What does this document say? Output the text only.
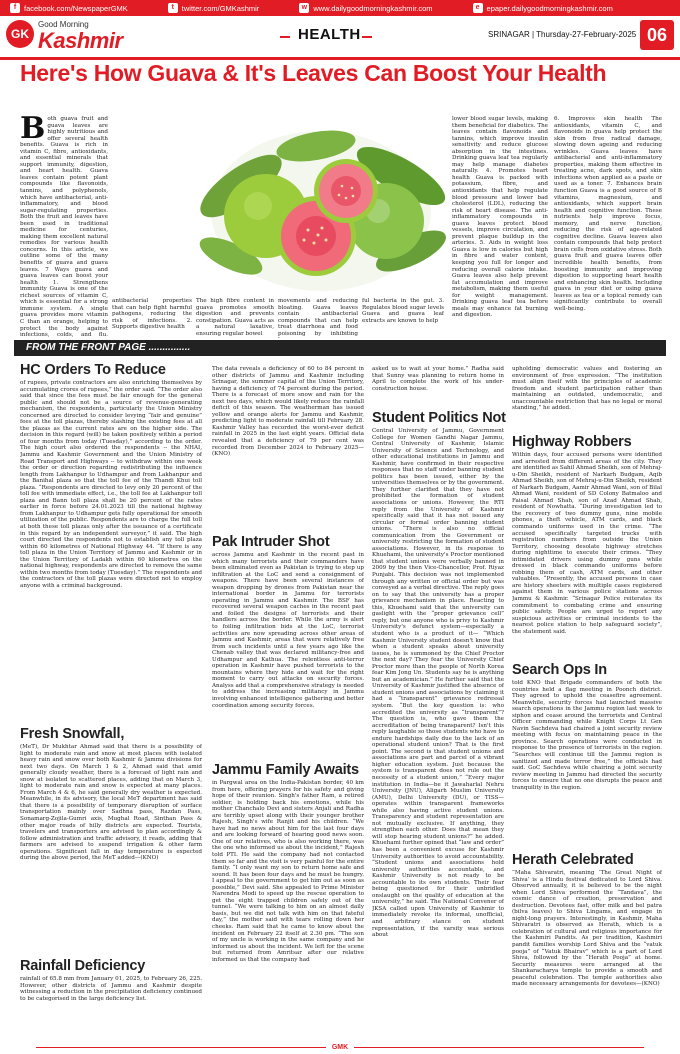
f	facebook.com/NewspaperGMK	t	twitter.com/GMKashmir	w www.dailygoodmorningkashmir.com	e epaper.dailygoodmorningkashmir.com
GK
Good Morning
Kashmir	HEALTH	SRINAGAR | Thursday-27-February-2025 06
Here's How Guava & It's Leaves Can Boost Your Health
Both guava fruit and guava leaves are highly nutritious and offer several health benefits. Guava is rich in vitamin C, fibre, antioxidants, and essential minerals that support immunity, digestion, and heart health. Guava leaves contain potent plant compounds like flavonoids, tannins, and polyphenols, which have antibacterial, anti-inflammatory, and blood sugar-regulating properties. Both the fruit and leaves have been used in traditional medicine for centuries, making them excellent natural remedies for various health concerns. In this article, we outline some of the many benefits of guava and guava leaves. 7 Ways guava and guava leaves can boost your health 1. Strengthens immunity Guava is one of the richest sources of vitamin C, which is essential for a strong immune system. A single guava provides more vitamin C than an orange, helping to protect the body against infections, colds, and flu.
antibacterial properties that can help fight harmful pathogens, reducing the risk of infections. 2. Supports digestive health
The high fibre content in guava promotes smooth digestion and prevents constipation. Guava acts as a natural laxative, ensuring regular bowel
movements and reducing bloating. Guava leaves contain antibacterial compounds that can help treat diarrhoea and food poisoning by inhibiting
ful bacteria in the gut. 3. Regulates blood sugar levels Guava and guava leaf extracts are known to help
lower blood sugar levels, making them beneficial for diabetics. The leaves contain flavonoids and tannins, which improve insulin sensitivity and reduce glucose absorption in the intestines. Drinking guava leaf tea regularly may help manage diabetes naturally. 4. Promotes heart health Guava is packed with potassium, fibre, and antioxidants that help regulate blood pressure and lower bad cholesterol (LDL), reducing the risk of heart disease. The anti-inflammatory compounds in guava leaves protect blood vessels, improve circulation, and prevent plaque buildup in the arteries. 5. Aids in weight loss Guava is low in calories but high in fibre and water content, keeping you full for longer and reducing overall calorie intake. Guava leaves also help prevent fat accumulation and improve metabolism, making them useful for weight management. Drinking guava leaf tea before meals may enhance fat burning and digestion.
6. Improves skin health The antioxidants, vitamin C, and flavonoids in guava help protect the skin from free radical damage, slowing down ageing and reducing wrinkles. Guava leaves have antibacterial and anti-inflammatory properties, making them effective in treating acne, dark spots, and skin infections when applied as a paste or used as a toner. 7. Enhances brain function Guava is a good source of B vitamins, magnesium, and antioxidants, which support brain health and cognitive function. These nutrients help improve focus, memory, and nerve function, reducing the risk of age-related cognitive decline. Guava leaves also contain compounds that help protect brain cells from oxidative stress. Both guava fruit and guava leaves offer incredible health benefits, from boosting immunity and improving digestion to supporting heart health and enhancing skin health. Including guava in your diet or using guava leaves as tea or a topical remedy can significantly contribute to overall well-being.
FROM THE FRONT PAGE ...............
HC Orders To Reduce
of rupees, private contractors are also enriching themselves by accumulating crores of rupees,” the order said. “The order also said that since the fees must be fair enough for the general public and should not be a source of revenue-generating mechanism, the respondents, particularly the Union Ministry concerned are directed to consider levying “fair and genuine” fees at the toll plazas, thereby slashing the existing fees at all the plazas as the current rates are on the higher side. The decision in this regard (will) be taken positively within a period of four months from today (Tuesday),” according to the order. The high court also ordered the respondents -- the NHAI, Jammu and Kashmir Government and the Union Ministry of Road Transport and Highways -- to withdraw within one week the order or direction regarding redistributing the influence length from Lakhanpur to Udhampur and from Lakhanpur and the Banihal plaza so that the toll fee of the Thandi Khui toll plaza. “Respondents are directed to levy only 20 percent of the toll fee with immediate effect, i.e., the toll fee at Lakhanpur toll plaza and Bann toll plaza shall be 20 percent of the rates earlier in force before 24.01.2023 till the national highway from Lakhanpur to Udhampur gets fully operational for smooth utilization of the public. Respondents are to charge the full toll at both these toll plazas only after the issuance of a certificate in this regard by an independent surveyor,” it said. The high court directed the respondents not to establish any toll plaza within 60 kilometres of National Highway 44. “If there is any toll plaza in the Union Territory of Jammu and Kashmir or in the Union Territory of Ladakh within 60 kilometres on the national highway, respondents are directed to remove the same within two months from today (Tuesday).” The respondents and the contractors of the toll plazas were directed not to employ anyone with a criminal background.
Fresh Snowfall,
(MeT), Dr Mukhtar Ahmad said that there is a possibility of light to moderate rain and snow at most places with isolated heavy rain and snow over both Kashmir & Jammu divisions for next two days. On March 1 & 2, Ahmad said that amid generally cloudy weather, there is a forecast of light rain and snow at isolated to scattered places, adding that on March 3, light to moderate rain and snow is expected at many places. From March 4 & 6, he said generally dry weather is expected. Meanwhile, in its advisory, the local MeT department has said that there is a possibility of temporary disruption of surface transportation mainly over Sadhna pass, Razdan Pass, Sonamarg-Zojila-Gumri axis, Mughal Road, Sinthan Pass & other major roads of hilly districts are expected. Tourists, travelers and transporters are advised to plan accordingly & follow administration and traffic advisory, it reads, adding that farmers are advised to suspend irrigation & other farm operations. Significant fall in day temperature is expected during the above period, the MeT added—(KNO)
Rainfall Deficiency
rainfall of 65.8 mm from January 01, 2025, to February 26, 225. However, other districts of Jammu and Kashmir despite witnessing a reduction in the precipitation deficiency continued to be categorised in the large deficiency list.
The data reveals a deficiency of 60 to 84 percent in other districts of Jammu and Kashmir including Srinagar, the summer capital of the Union Territory, having a deficiency of 74 percent during the period. There is a forecast of more snow and rain for the next two days, which would likely reduce the rainfall deficit of this season. The weatherman has issued yellow and orange alerts for Jammu and Kashmir, predicting light to moderate rainfall till February 28. Kashmir Valley has recorded the worst-ever deficit rainfall in 2025 in the last eight years. Official data revealed that a deficiency of 79 per cent was recorded from December 2024 to February 2025—(KNO)
Pak Intruder Shot
across Jammu and Kashmir in the recent past in which many terrorists and their commanders have been eliminated even as Pakistan is trying to step up infiltration at the LoC and send a consignment of weapons. There have been several instances of weapon dropping by drones from Pakistan near the international border in Jammu for terrorists operating in Jammu and Kashmir. The BSF has recovered several weapon caches in the recent past and foiled the designs of terrorists and their handlers across the border. While the army is alert to foiling infiltration bids at the LoC, terrorist activities are now spreading across other areas of Jammu and Kashmir, areas that were relatively free from such incidents until a few years ago like the Chenab valley that was declared militancy-free and Udhampur and Kathua. The relentless anti-terror operation in Kashmir have pushed terrorists to the mountains where they hide and wait for the right moment to carry out attacks on security forces. Analyss add that a comprehensive strategy is needed to address the increasing militancy in Jammu involving enhanced intelligence gathering and better coordination among security forces.
Jammu Family Awaits
in Pargwal area on the India-Pakistan border, 40 km from here, offering prayers for his safety and giving hope of their reunion. Singh's father Ram, a retired soldier, is holding back his emotions, while his mother Chanchalo Devi and sisters Anjali and Radha are terribly upset along with their younger brother Rajesh, Singh's wife Ranjit and his children. “We have had no news about him for the last four days and are looking forward of hearing good news soon. One of our relatives, who is also working there, was the one who informed us about the incident,” Rajesh told PTI. He said the company had not contacted them so far and the visit is very painful for the entire family. “I only want my son to return home safe and sound. It has been four days and he must be hungry. I appeal to the government to get him out as soon as possible,” Devi said. She appealed to Prime Minister Narendra Modi to speed up the rescue operation to get the eight trapped children safely out of the tunnel. “We were talking to him on an almost daily basis, but we did not talk with him on that fateful day,” the mother said with tears rolling down her cheeks. Ram said that he came to know about the incident on February 22 itself at 2.30 pm. “The son of my uncle is working in the same company and he informed us about the incident. We left for the scene but returned from Amritsar after our relative informed us that the company had
asked us to wait at your home.” Radha said that Sunny was planning to return home in April to complete the work of his under-construction house.
Student Politics Not
Central University of Jammu, Government College for Women Gandhi Nagar Jammu, Central University of Kashmir, Islamic University of Science and Technology, and other educational institutions in Jammu and Kashmir, have confirmed in their respective responses that no staff under banning student politics has been issued, either by the universities themselves or by the government. They further clarified that they have not prohibited the formation of student associations or unions. However, the RTI reply from the University of Kashmir specifically said that it has not issued any circular or formal order banning student unions. “There is also no official communication from the Government or university restricting the formation of student associations. However, in its response to Khuehami, the university's Proctor mentioned that student unions were verbally banned in 2009 by the then Vice-Chancellor, Prof. Riyaz Punjabi. This decision was not implemented through any written or official order but was conveyed as a verbal directive. The reply goes on to say that the university has a proper grievance mechanism in place. Reacting to this, Khuehami said that the university can gaslight with the “proper grievance cell” reply, but one anyone who is privy to Kashmir University's defunct system—especially a student who is a product of it— “Which Kashmir University student doesn't know that when a student speaks about university issues, he is summoned by the Chief Proctor the next day? They fear the University Chief Proctor more than the people of North Korea fear Kim Jong Un. Students say he is anything but an academician.” He further said that the University of Kashmir justified the absence of student unions and associations by claiming it had a “transparent” grievance redressal system. “But the key question is: who accredited the university as “transparent”? The question is, who gave them the accreditation of being transparent? Isn't this reply laughable so those students who have to endure hardships daily due to the lack of an operational student union? That is the first point. The second is that student unions and associations are part and parcel of a vibrant higher education system. Just because the system is transparent does not rule out the necessity of a student union,” “Every major institution in India—be it Jawaharlal Nehru University (JNU), Aligarh Muslim University (AMU), Delhi University (DU), or TISS—operates within transparent frameworks while also having active student unions. Transparency and student representation are not mutually exclusive. If anything, they strengthen each other. Does that mean they will stop hearing student unions?” he added. Khuehami further opined that “law and order” has been a convenient excuse for Kashmir University authorities to avoid accountability. “Student unions and associations hold university authorities accountable, and Kashmir University is not ready to be accountable to its own students. Their fear being questioned for their unbridled onslaught on the quality of education at the university,” he said. The National Convener of JKSA called upon University of Kashmir to immediately revoke its informal, unofficial, and arbitrary stance on student representation, if the varsity was serious about
upholding democratic values and fostering an environment of free expression. “The institution must align itself with the principles of academic freedom and student participation rather than maintaining an outdated, undemocratic, and unaccountable restriction that has no legal or moral standing,” he added.
Highway Robbers
Within days, four accused persons were identified and arrested from different areas of the city. They are identified as Sahil Ahmad Sheikh, son of Mehraj-u-Din Sheikh, resident of Narkarh Budgam, Aqib Ahmad Sheikh, son of Mehraj-u-Din Sheikh, resident of Narkarh Budgam, Aamir Ahmad Wani, son of Bilal Ahmad Wani, resident of SD Colony Batmaloo and Faisal Ahmad Shah, son of Azad Ahmad Shah, resident of Nowhatta. “During investigation led to the recovery of two dummy guns, nine mobile phones, a theft vehicle, ATM cards, and black commando uniforms used in the crime. “The accused specifically targeted trucks with registration numbers from outside the Union Territory, choosing desolate highway stretches during nighttime to execute their crimes. “They intimidated drivers using dummy guns while dressed in black commando uniforms before robbing them of cash, ATM cards, and other valuables. “Presently, the accused persons in case are history sheeters with multiple cases registered against them in various police stations across Jammu & Kashmir. “Srinagar Police reiterates its commitment to combating crime and ensuring public safety. People are urged to report any suspicious activities or criminal incidents to the nearest police station to help safeguard society”, the statement said.
Search Ops In
told KNO that Brigade commanders of both the countries held a flag meeting in Poonch district. They agreed to uphold the ceasefire agreement. Meanwhile, security forces had launched massive search operations in the Jammu region last week to siphon and cease around the terrorists and Central Officer commanding while Knight Corps Lt Gen Navin Sachdeva had chaired a joint security review meeting with focus on maintaining peace in the province. Search operations were conducted in response to the presence of terrorists in the region. “Searches will continue till the Jammu region is sanitized and made terror free,” the officials had said. GoC Sachdeva while chairing a joint security review meeting in Jammu had directed the security forces to ensure that no one disrupts the peace and tranquility in the region.
Herath Celebrated
“Maha Shivaratri, meaning ‘The Great Night of Shiva’ is a Hindu festival dedicated to Lord Shiva. Observed annually, it is believed to be the night when Lord Shiva performed the “Tandava”, the cosmic dance of creation, preservation and destruction. Devotees fast, offer milk and bel patra (bilva leaves) to Shiva Lingams, and engage in night-long prayers. Interestingly, in Kashmir, Maha Shivaratri is observed as Herath, which is a celebration of cultural and religious importance for the Kashmiri Pandits. As per tradition, Kashmiri pandit families worship Lord Shiva and the “vatuk pooja” of “Vatuk Bhairav” which is a part of Lord Shiva, followed by the “Herath Pooja” at home. Security measures were arranged at the Shankaracharya temple to provide a smooth and peaceful celebration. The temple authorities also made necessary arrangements for devotees—(KNO)
GMK
